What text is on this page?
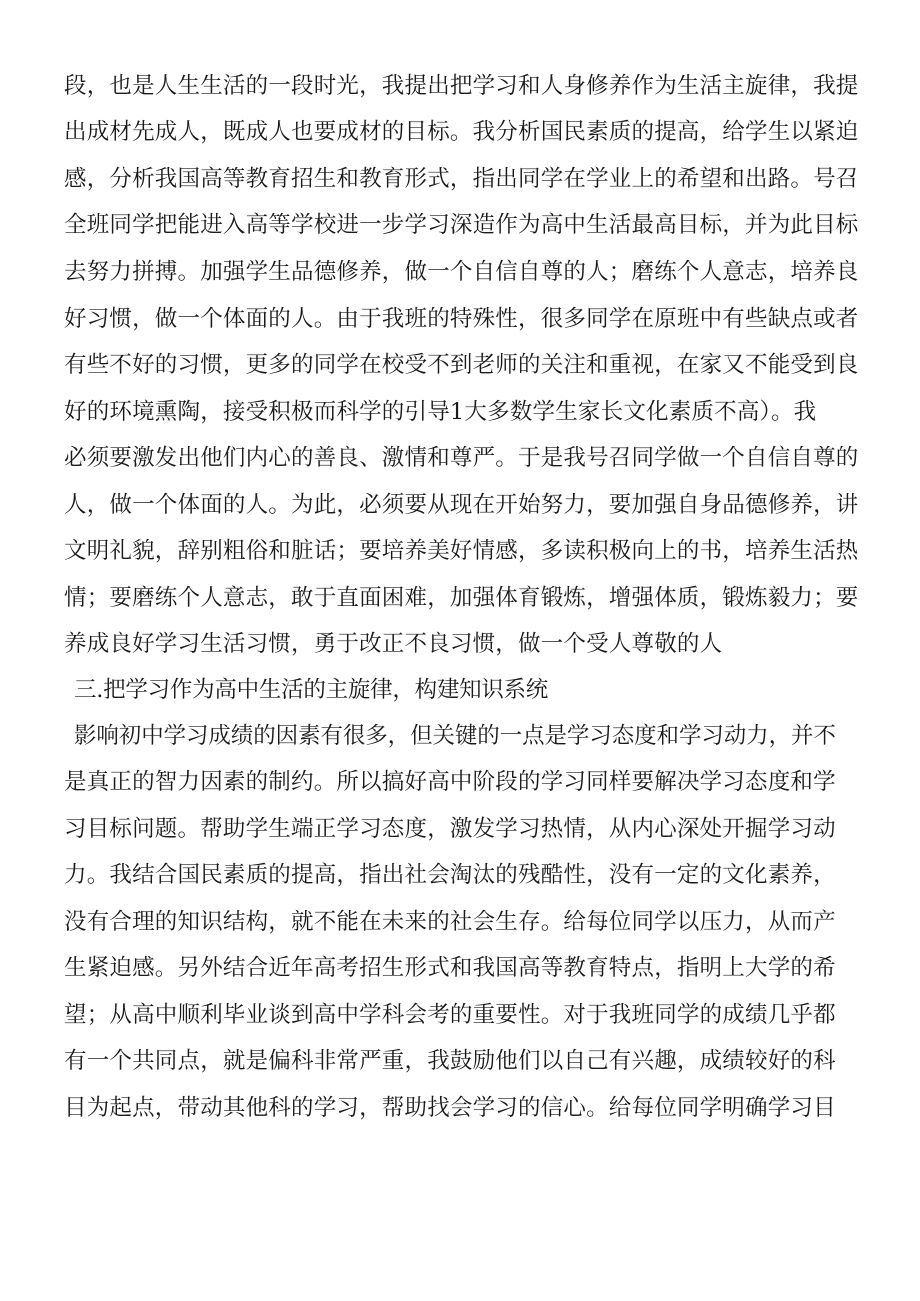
段，也是人生生活的一段时光，我提出把学习和人身修养作为生活主旋律，我提
出成材先成人，既成人也要成材的目标。我分析国民素质的提高，给学生以紧迫
感，分析我国高等教育招生和教育形式，指出同学在学业上的希望和出路。号召
全班同学把能进入高等学校进一步学习深造作为高中生活最高目标，并为此目标
去努力拼搏。加强学生品德修养，做一个自信自尊的人；磨练个人意志，培养良
好习惯，做一个体面的人。由于我班的特殊性，很多同学在原班中有些缺点或者
有些不好的习惯，更多的同学在校受不到老师的关注和重视，在家又不能受到良
好的环境熏陶，接受积极而科学的引导1大多数学生家长文化素质不高）。我
必须要激发出他们内心的善良、激情和尊严。于是我号召同学做一个自信自尊的
人，做一个体面的人。为此，必须要从现在开始努力，要加强自身品德修养，讲
文明礼貌，辞别粗俗和脏话；要培养美好情感，多读积极向上的书，培养生活热
情；要磨练个人意志，敢于直面困难，加强体育锻炼，增强体质，锻炼毅力；要
养成良好学习生活习惯，勇于改正不良习惯，做一个受人尊敬的人
三.把学习作为高中生活的主旋律，构建知识系统
影响初中学习成绩的因素有很多，但关键的一点是学习态度和学习动力，并不
是真正的智力因素的制约。所以搞好高中阶段的学习同样要解决学习态度和学
习目标问题。帮助学生端正学习态度，激发学习热情，从内心深处开掘学习动
力。我结合国民素质的提高，指出社会淘汰的残酷性，没有一定的文化素养，
没有合理的知识结构，就不能在未来的社会生存。给每位同学以压力，从而产
生紧迫感。另外结合近年高考招生形式和我国高等教育特点，指明上大学的希
望；从高中顺利毕业谈到高中学科会考的重要性。对于我班同学的成绩几乎都
有一个共同点，就是偏科非常严重，我鼓励他们以自己有兴趣，成绩较好的科
目为起点，带动其他科的学习，帮助找会学习的信心。给每位同学明确学习目
